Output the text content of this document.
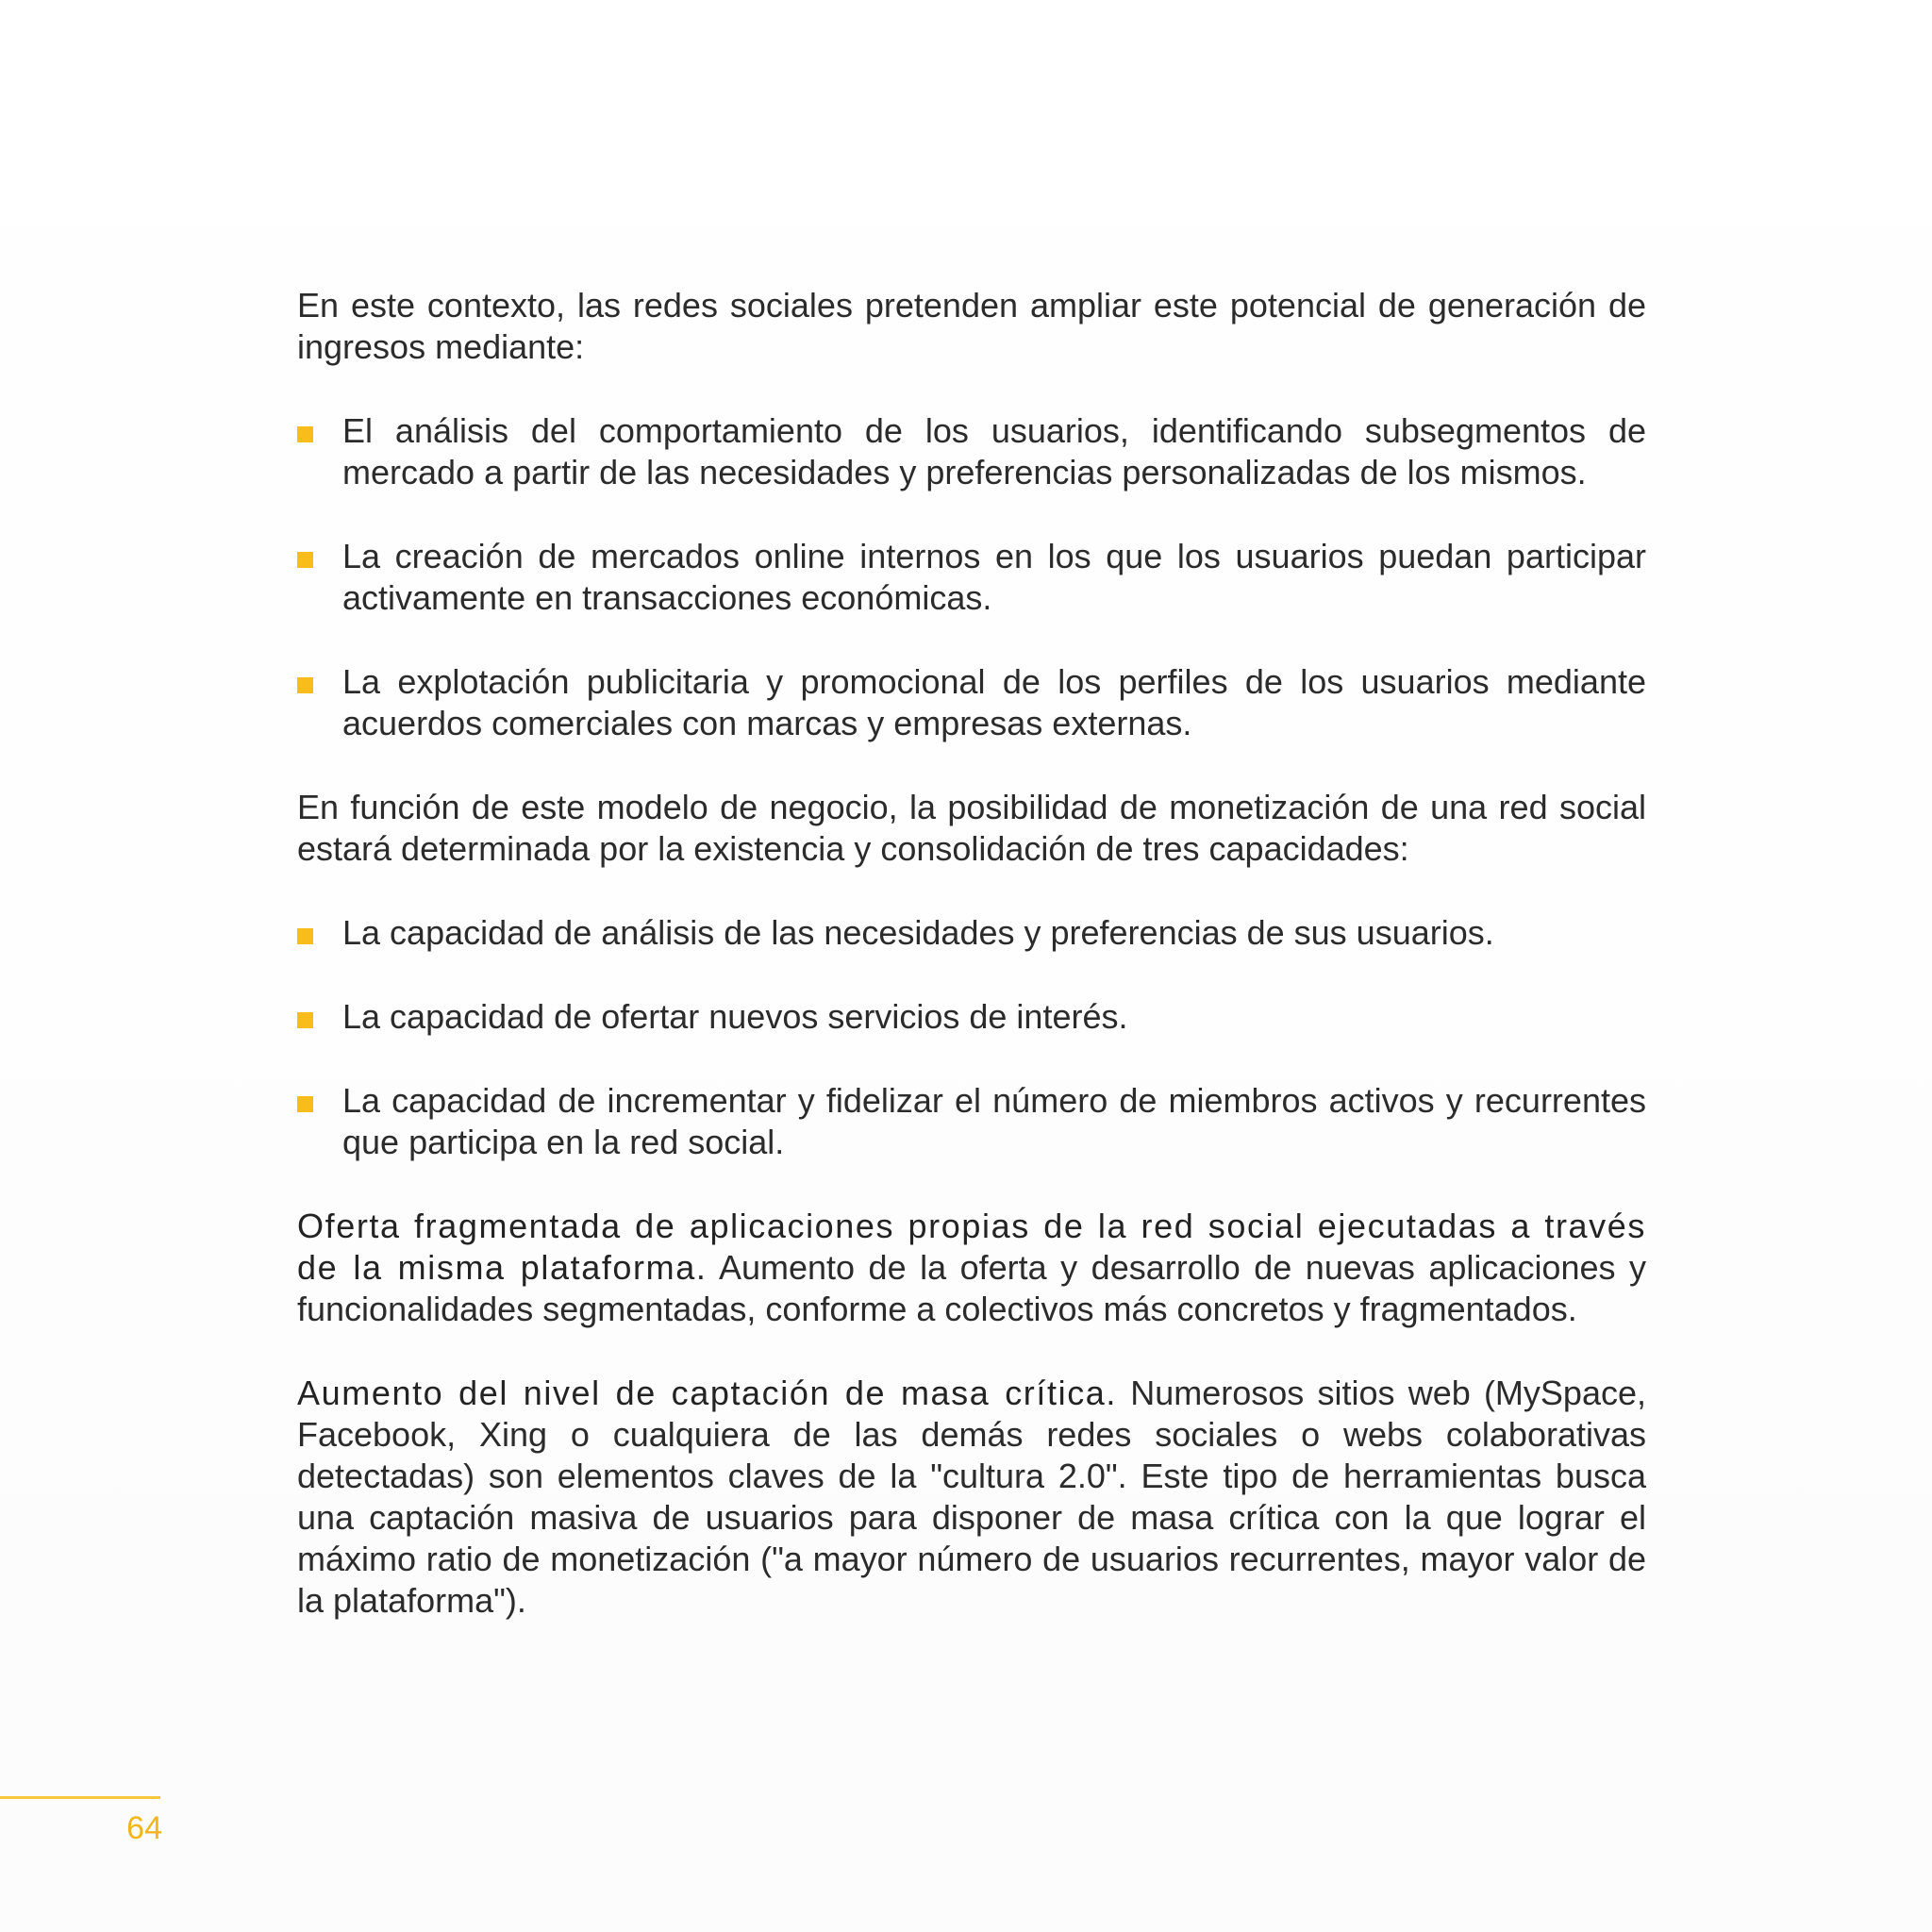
En este contexto, las redes sociales pretenden ampliar este potencial de generación de ingresos mediante:

El análisis del comportamiento de los usuarios, identificando subsegmentos de mercado a partir de las necesidades y preferencias personalizadas de los mismos.
La creación de mercados online internos en los que los usuarios puedan participar activamente en transacciones económicas.
La explotación publicitaria y promocional de los perfiles de los usuarios mediante acuerdos comerciales con marcas y empresas externas.

En función de este modelo de negocio, la posibilidad de monetización de una red social estará determinada por la existencia y consolidación de tres capacidades:

La capacidad de análisis de las necesidades y preferencias de sus usuarios.
La capacidad de ofertar nuevos servicios de interés.
La capacidad de incrementar y fidelizar el número de miembros activos y recurrentes que participa en la red social.

Oferta fragmentada de aplicaciones propias de la red social ejecutadas a través de la misma plataforma. Aumento de la oferta y desarrollo de nuevas aplicaciones y funcionalidades segmentadas, conforme a colectivos más concretos y fragmentados.

Aumento del nivel de captación de masa crítica. Numerosos sitios web (MySpace, Facebook, Xing o cualquiera de las demás redes sociales o webs colaborativas detectadas) son elementos claves de la "cultura 2.0". Este tipo de herramientas busca una captación masiva de usuarios para disponer de masa crítica con la que lograr el máximo ratio de monetización ("a mayor número de usuarios recurrentes, mayor valor de la plataforma").

64
